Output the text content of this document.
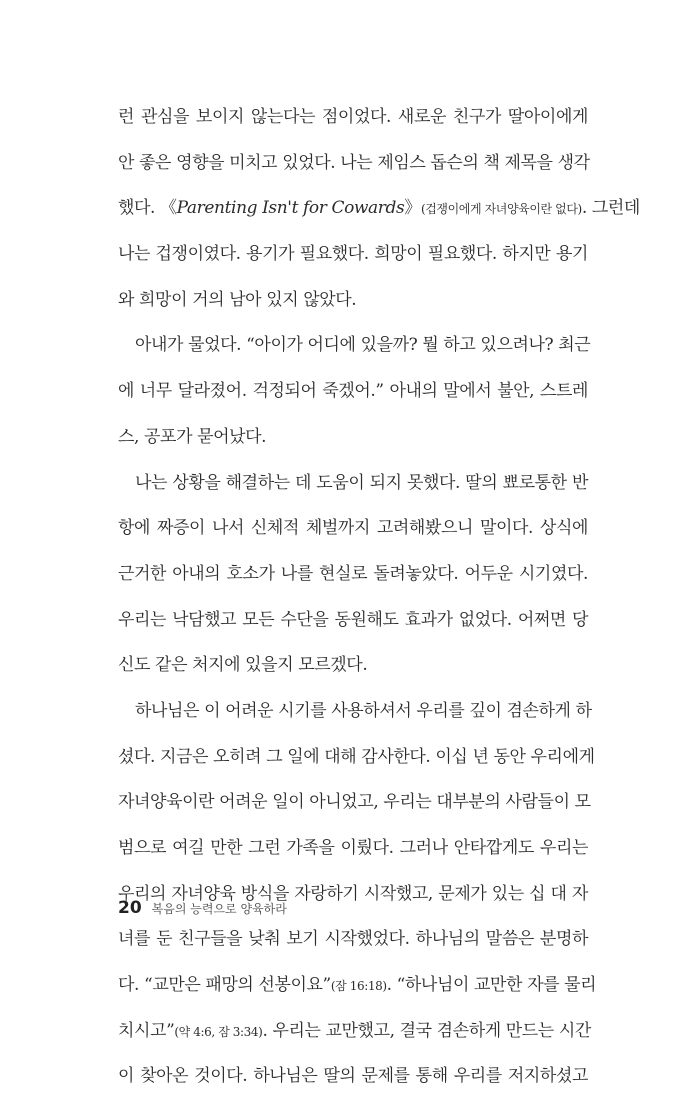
런 관심을 보이지 않는다는 점이었다. 새로운 친구가 딸아이에게
안 좋은 영향을 미치고 있었다. 나는 제임스 돕슨의 책 제목을 생각
했다. 《Parenting Isn't for Cowards》(겁쟁이에게 자녀양육이란 없다). 그런데
나는 겁쟁이였다. 용기가 필요했다. 희망이 필요했다. 하지만 용기
와 희망이 거의 남아 있지 않았다.
아내가 물었다. “아이가 어디에 있을까? 뭘 하고 있으려나? 최근
에 너무 달라졌어. 걱정되어 죽겠어.” 아내의 말에서 불안, 스트레
스, 공포가 묻어났다.
나는 상황을 해결하는 데 도움이 되지 못했다. 딸의 뾰로통한 반
항에 짜증이 나서 신체적 체벌까지 고려해봤으니 말이다. 상식에
근거한 아내의 호소가 나를 현실로 돌려놓았다. 어두운 시기였다.
우리는 낙담했고 모든 수단을 동원해도 효과가 없었다. 어쩌면 당
신도 같은 처지에 있을지 모르겠다.
하나님은 이 어려운 시기를 사용하셔서 우리를 깊이 겸손하게 하
셨다. 지금은 오히려 그 일에 대해 감사한다. 이십 년 동안 우리에게
자녀양육이란 어려운 일이 아니었고, 우리는 대부분의 사람들이 모
범으로 여길 만한 그런 가족을 이뤘다. 그러나 안타깝게도 우리는
우리의 자녀양육 방식을 자랑하기 시작했고, 문제가 있는 십 대 자
녀를 둔 친구들을 낮춰 보기 시작했었다. 하나님의 말씀은 분명하
다. “교만은 패망의 선봉이요”(잠 16:18). “하나님이 교만한 자를 물리
치시고”(약 4:6, 잠 3:34). 우리는 교만했고, 결국 겸손하게 만드는 시간
이 찾아온 것이다. 하나님은 딸의 문제를 통해 우리를 저지하셨고
20 복음의 능력으로 양육하라
